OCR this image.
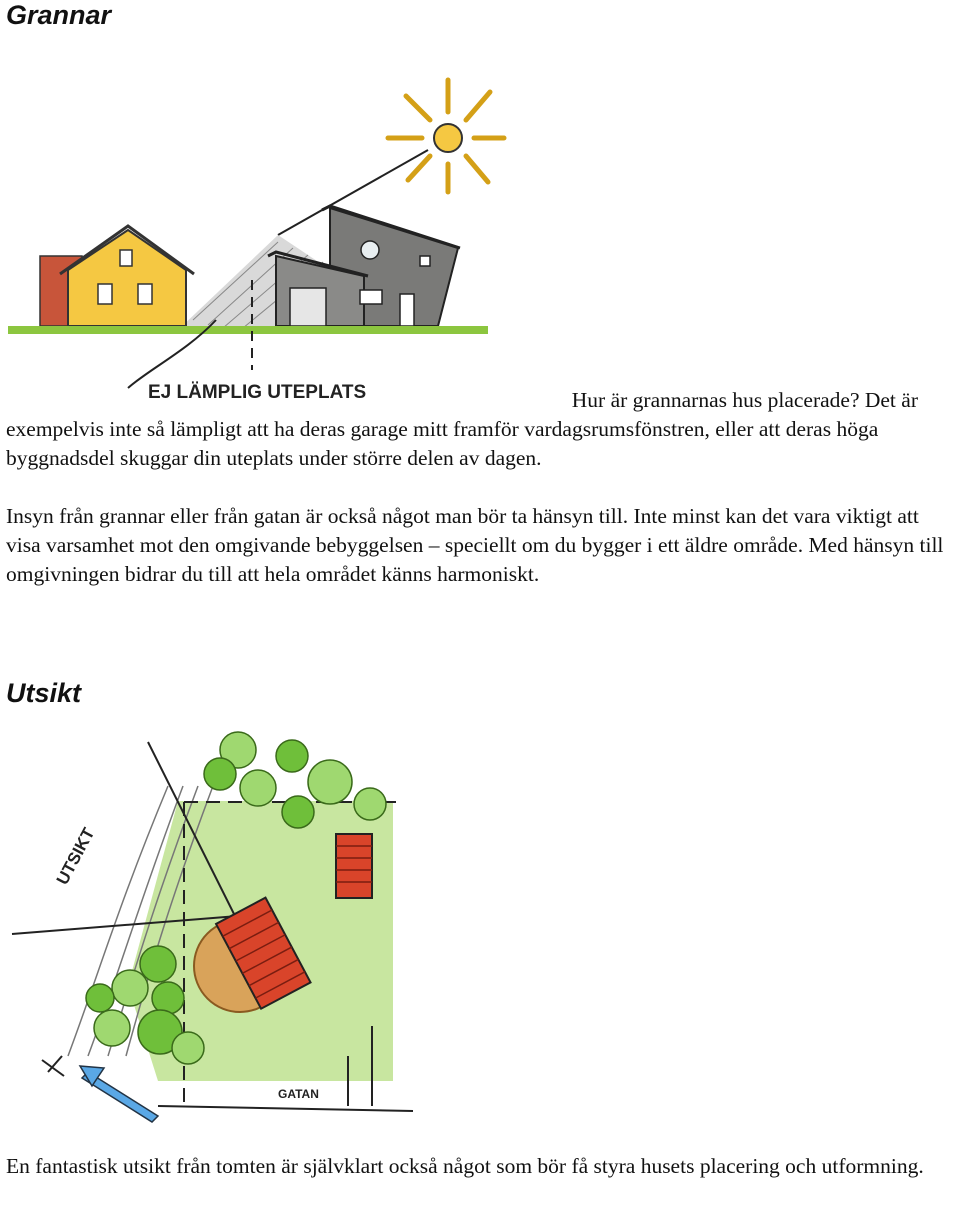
Grannar
EJ LÄMPLIG UTEPLATS	Hur är grannarnas hus placerade? Det är

exempelvis inte så lämpligt att ha deras garage mitt framför vardagsrumsfönstren, eller att deras höga byggnadsdel skuggar din uteplats under större delen av dagen.

Insyn från grannar eller från gatan är också något man bör ta hänsyn till. Inte minst kan det vara viktigt att visa varsamhet mot den omgivande bebyggelsen – speciellt om du bygger i ett äldre område. Med hänsyn till omgivningen bidrar du till att hela området känns harmoniskt.

Utsikt
UTSIKT
GATAN

En fantastisk utsikt från tomten är självklart också något som bör få styra husets placering och utformning.
